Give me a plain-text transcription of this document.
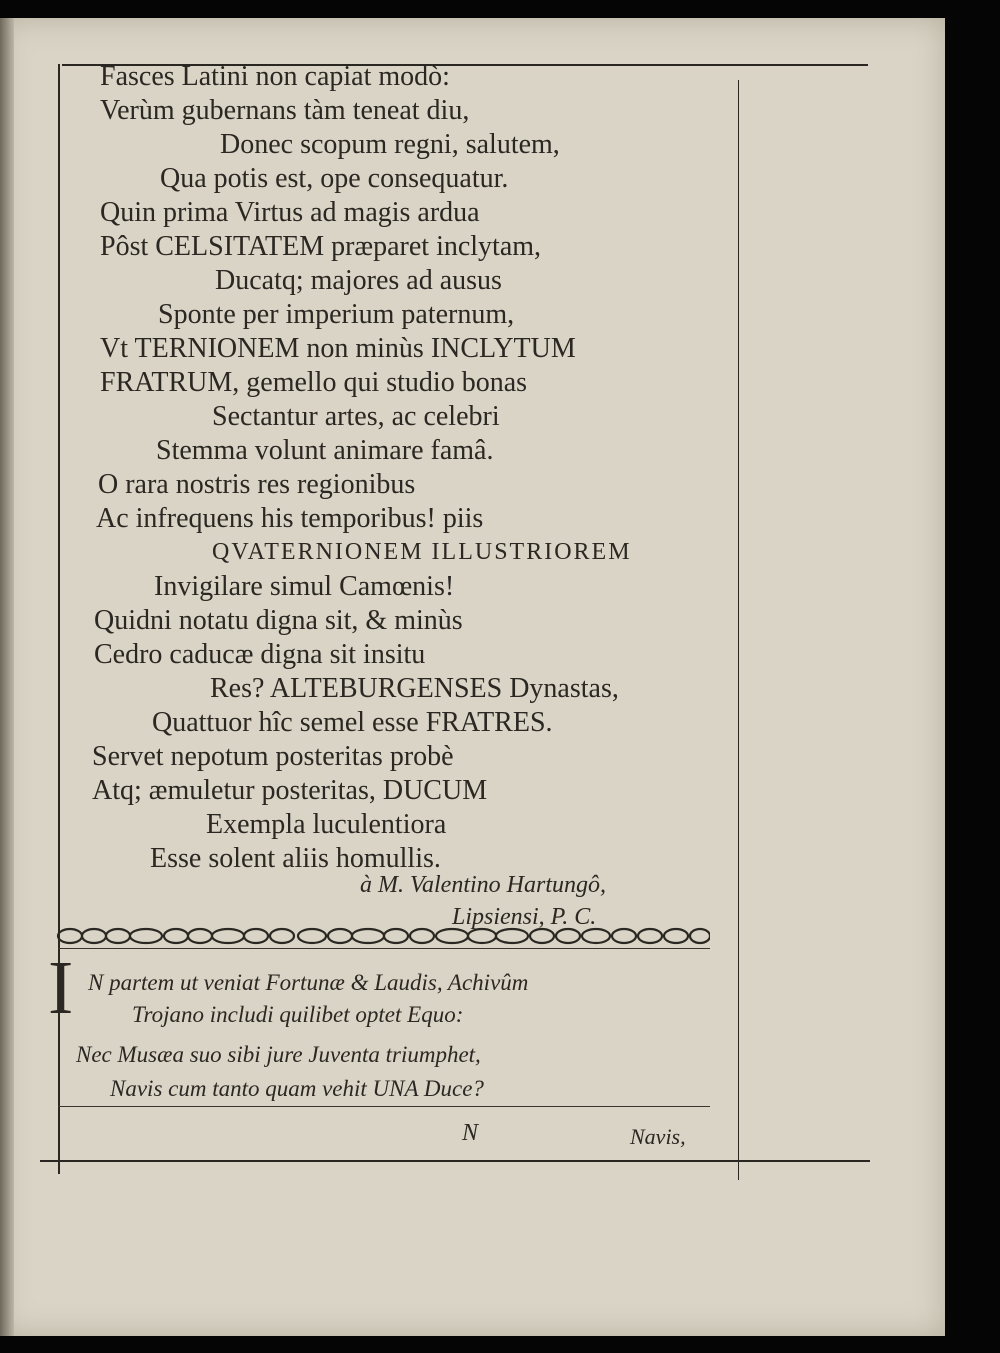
Fasces Latini non capiat modò:
Verùm gubernans tàm teneat diu,
Donec scopum regni, salutem,
Qua potis est, ope consequatur.
Quin prima Virtus ad magis ardua
Pôst CELSITATEM præparet inclytam,
Ducatq; majores ad ausus
Sponte per imperium paternum,
Vt TERNIONEM non minùs INCLYTUM
FRATRUM, gemello qui studio bonas
Sectantur artes, ac celebri
Stemma volunt animare famâ.
O rara nostris res regionibus
Ac infrequens his temporibus! piis
QVATERNIONEM ILLUSTRIOREM
Invigilare simul Camœnis!
Quidni notatu digna sit, & minùs
Cedro caducæ digna sit insitu
Res? ALTEBURGENSES Dynastas,
Quattuor hîc semel esse FRATRES.
Servet nepotum posteritas probè
Atq; æmuletur posteritas, DUCUM
Exempla luculentiora
Esse solent aliis homullis.
à M. Valentino Hartungô,
Lipsiensi, P. C.
I N partem ut veniat Fortunæ & Laudis, Achivûm
Trojano includi quilibet optet Equo:
Nec Musæa suo sibi jure Juventa triumphet,
Navis cum tanto quam vehit UNA Duce?
N	Navis,
